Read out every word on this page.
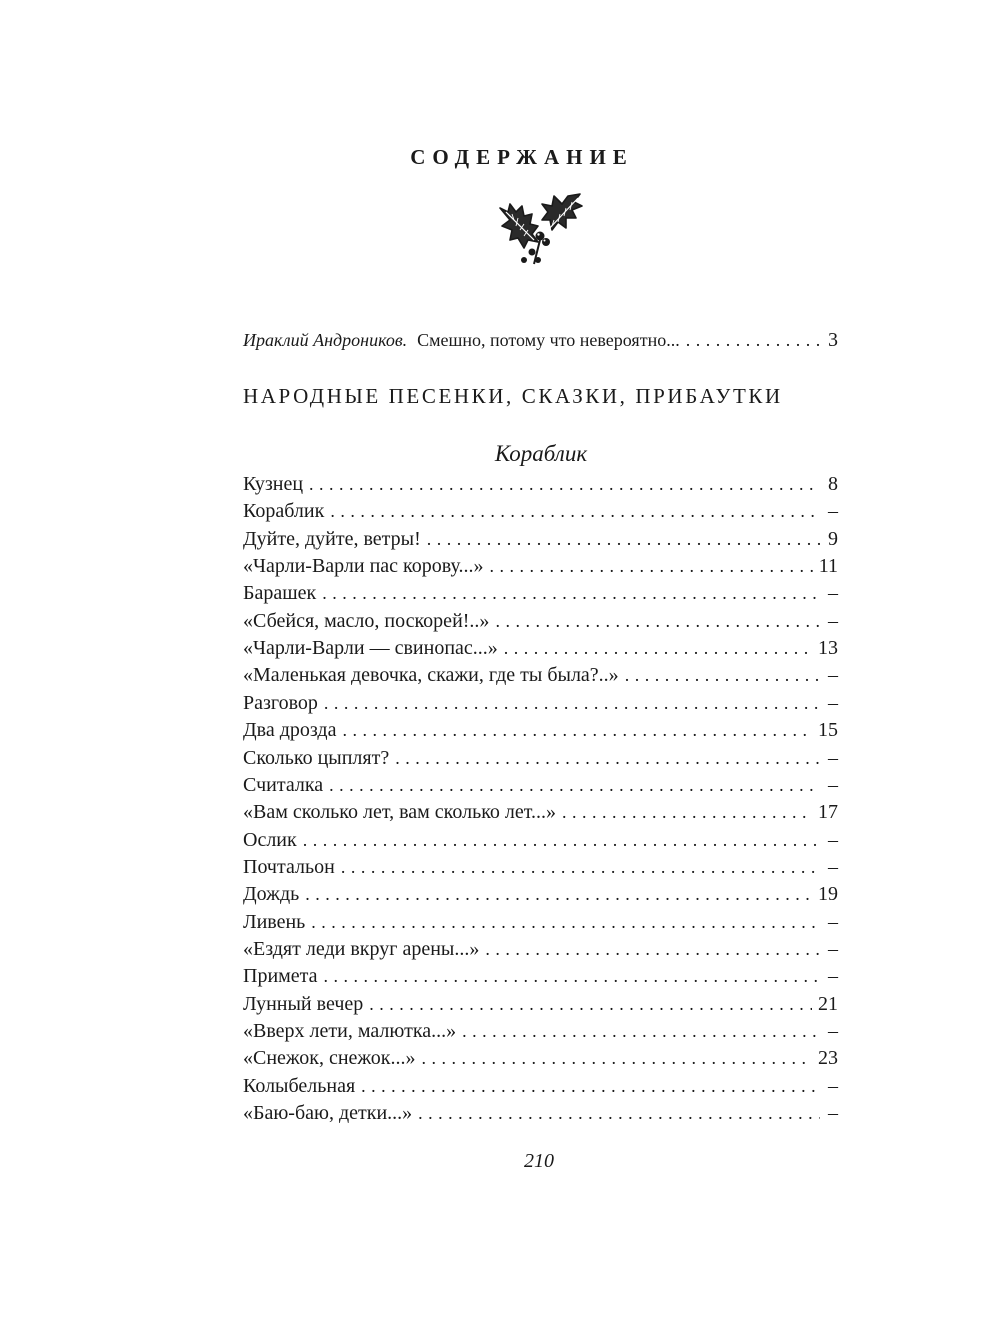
СОДЕРЖАНИЕ
Ираклий Андроников. Смешно, потому что невероятно... . . .	3
НАРОДНЫЕ ПЕСЕНКИ, СКАЗКИ, ПРИБАУТКИ
Кораблик
Кузнец . . .	8
Кораблик . . .	–
Дуйте, дуйте, ветры! . . .	9
«Чарли-Варли пас корову...» . . .	11
Барашек . . .	–
«Сбейся, масло, поскорей!..» . . .	–
«Чарли-Варли — свинопас...» . . .	13
«Маленькая девочка, скажи, где ты была?..» . . .	–
Разговор . . .	–
Два дрозда . . .	15
Сколько цыплят? . . .	–
Считалка . . .	–
«Вам сколько лет, вам сколько лет...» . . .	17
Ослик . . .	–
Почтальон . . .	–
Дождь . . .	19
Ливень . . .	–
«Ездят леди вкруг арены...» . . .	–
Примета . . .	–
Лунный вечер . . .	21
«Вверх лети, малютка...» . . .	–
«Снежок, снежок...» . . .	23
Колыбельная . . .	–
«Баю-баю, детки...» . . .	–
210
